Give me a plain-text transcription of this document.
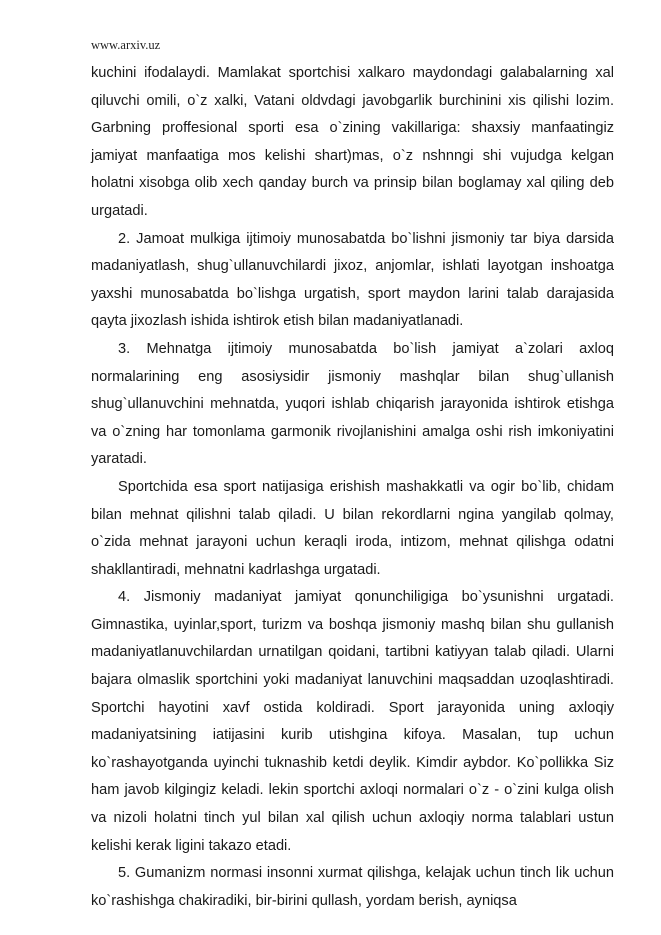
www.arxiv.uz

kuchini ifodalaydi. Mamlakat sportchisi xalkaro maydondagi galabalarning xal qiluvchi omili, o`z xalki, Vatani oldvdagi javobgarlik burchininі xis qilishi lozim. Garbning proffesional sporti esa o`zining vakillariga: shaxsiy manfaatingiz jamiyat manfaatiga mos kelishi shart)mas, o`z nshnngi shi vujudga kelgan holatni xisobga olib xech qanday burch va prinsip bilan boglamay xal qiling deb urgatadi.

2. Jamoat mulkiga ijtimoiy munosabatda bo`lishni jismoniy tar biya darsida madaniyatlash, shug`ullanuvchilardi jixoz, anjomlar, ishlati layotgan inshoatga yaxshi munosabatda bo`lishga urgatish, sport maydon larini talab darajasida qayta jixozlash ishida ishtirok etish bilan madaniyatlanadi.

3. Mehnatga ijtimoiy munosabatda bo`lish jamiyat a`zolari axloq normalarining eng asosiysidir jismoniy mashqlar bilan shug`ullanish shug`ullanuvchini mehnatda, yuqori ishlab chiqarish jarayonida ishtirok etishga va o`zning har tomonlama garmonik rivojlanishini amalga oshi rish imkoniyatini yaratadi.

Sportchida esa sport natijasiga erishish mashakkatli va ogir bo`lib, chidam bilan mehnat qilishni talab qiladi. U bilan rekordlarni ngina yangilab qolmay, o`zida mehnat jarayoni uchun keraqli iroda, intizom, mehnat qilishga odatni shakllantiradi, mehnatni kadrlashga urgatadi.

4. Jismoniy madaniyat jamiyat qonunchiligiga bo`ysunishni urgatadi. Gimnastika, uyinlar,sport, turizm va boshqa jismoniy mashq bilan shu gullanish madaniyatlanuvchilardan urnatilgan qoidani, tartibni katiyyan talab qiladi. Ularni bajara olmaslik sportchini yoki madaniyat lanuvchini maqsaddan uzoqlashtiradi. Sportchi hayotini xavf ostida koldiradi. Sport jarayonida uning axloqiy madaniyatsining iatijasini kurib utishgina kifoya. Masalan, tup uchun ko`rashayotganda uyinchi tuknashib ketdi deylik. Kimdir aybdor. Ko`pollikka Siz ham javob kilgingiz keladi. lekin sportchi axloqi normalari o`z - o`zini kulga olish va nizoli holatni tinch yul bilan xal qilish uchun axloqiy norma talablari ustun kelishi kerak ligini takazo etadi.

5. Gumanizm normasi insonni xurmat qilishga, kelajak uchun tinch lik uchun ko`rashishga chakiradiki, bir-birini qullash, yordam berish, ayniqsa
